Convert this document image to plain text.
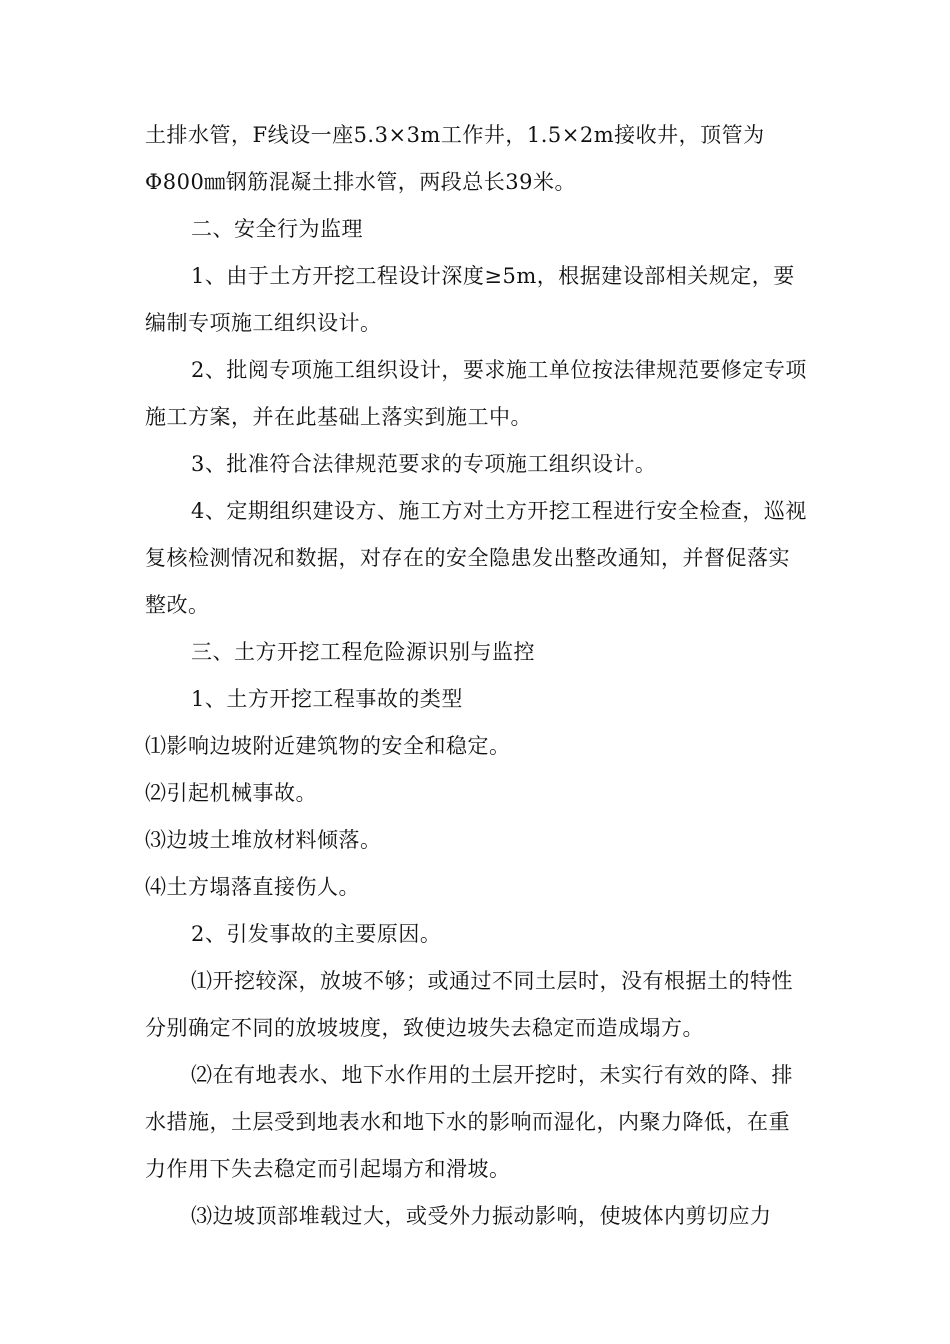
土排水管，F线设一座5.3×3m工作井，1.5×2m接收井，顶管为Φ800㎜钢筋混凝土排水管，两段总长39米。

二、安全行为监理

1、由于土方开挖工程设计深度≥5m，根据建设部相关规定，要编制专项施工组织设计。

2、批阅专项施工组织设计，要求施工单位按法律规范要修定专项施工方案，并在此基础上落实到施工中。

3、批准符合法律规范要求的专项施工组织设计。

4、定期组织建设方、施工方对土方开挖工程进行安全检查，巡视复核检测情况和数据，对存在的安全隐患发出整改通知，并督促落实整改。

三、土方开挖工程危险源识别与监控

1、土方开挖工程事故的类型

⑴影响边坡附近建筑物的安全和稳定。

⑵引起机械事故。

⑶边坡土堆放材料倾落。

⑷土方塌落直接伤人。

2、引发事故的主要原因。

⑴开挖较深，放坡不够；或通过不同土层时，没有根据土的特性分别确定不同的放坡坡度，致使边坡失去稳定而造成塌方。

⑵在有地表水、地下水作用的土层开挖时，未实行有效的降、排水措施，土层受到地表水和地下水的影响而湿化，内聚力降低，在重力作用下失去稳定而引起塌方和滑坡。

⑶边坡顶部堆载过大，或受外力振动影响，使坡体内剪切应力
